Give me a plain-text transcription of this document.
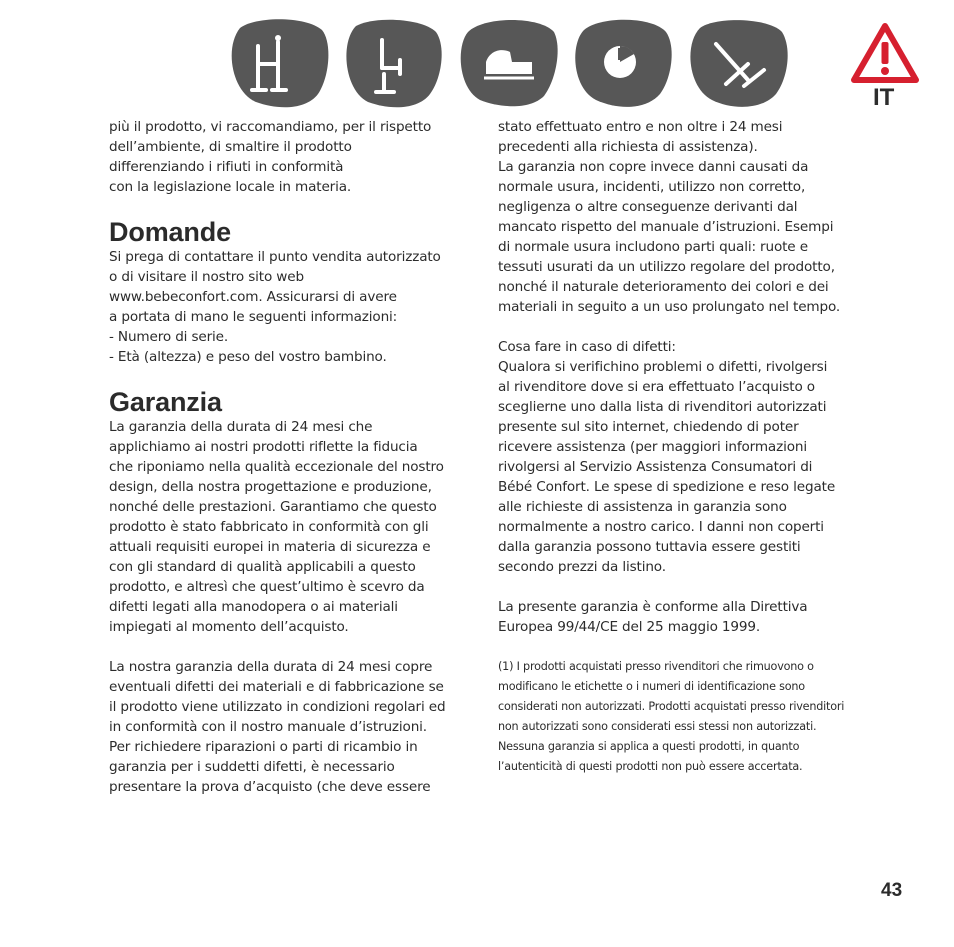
IT

più il prodotto, vi raccomandiamo, per il rispetto
dell’ambiente, di smaltire il prodotto
differenziando i rifiuti in conformità
con la legislazione locale in materia.

Domande

Si prega di contattare il punto vendita autorizzato
o di visitare il nostro sito web
www.bebeconfort.com. Assicurarsi di avere
a portata di mano le seguenti informazioni:
- Numero di serie.
- Età (altezza) e peso del vostro bambino.

Garanzia

La garanzia della durata di 24 mesi che
applichiamo ai nostri prodotti riflette la fiducia
che riponiamo nella qualità eccezionale del nostro
design, della nostra progettazione e produzione,
nonché delle prestazioni. Garantiamo che questo
prodotto è stato fabbricato in conformità con gli
attuali requisiti europei in materia di sicurezza e
con gli standard di qualità applicabili a questo
prodotto, e altresì che quest’ultimo è scevro da
difetti legati alla manodopera o ai materiali
impiegati al momento dell’acquisto.

La nostra garanzia della durata di 24 mesi copre
eventuali difetti dei materiali e di fabbricazione se
il prodotto viene utilizzato in condizioni regolari ed
in conformità con il nostro manuale d’istruzioni.
Per richiedere riparazioni o parti di ricambio in
garanzia per i suddetti difetti, è necessario
presentare la prova d’acquisto (che deve essere

stato effettuato entro e non oltre i 24 mesi
precedenti alla richiesta di assistenza).
La garanzia non copre invece danni causati da
normale usura, incidenti, utilizzo non corretto,
negligenza o altre conseguenze derivanti dal
mancato rispetto del manuale d’istruzioni. Esempi
di normale usura includono parti quali: ruote e
tessuti usurati da un utilizzo regolare del prodotto,
nonché il naturale deterioramento dei colori e dei
materiali in seguito a un uso prolungato nel tempo.

Cosa fare in caso di difetti:
Qualora si verifichino problemi o difetti, rivolgersi
al rivenditore dove si era effettuato l’acquisto o
sceglierne uno dalla lista di rivenditori autorizzati
presente sul sito internet, chiedendo di poter
ricevere assistenza (per maggiori informazioni
rivolgersi al Servizio Assistenza Consumatori di
Bébé Confort. Le spese di spedizione e reso legate
alle richieste di assistenza in garanzia sono
normalmente a nostro carico. I danni non coperti
dalla garanzia possono tuttavia essere gestiti
secondo prezzi da listino.

La presente garanzia è conforme alla Direttiva
Europea 99/44/CE del 25 maggio 1999.

(1) I prodotti acquistati presso rivenditori che rimuovono o
modificano le etichette o i numeri di identificazione sono
considerati non autorizzati. Prodotti acquistati presso rivenditori
non autorizzati sono considerati essi stessi non autorizzati.
Nessuna garanzia si applica a questi prodotti, in quanto
l’autenticità di questi prodotti non può essere accertata.

43
